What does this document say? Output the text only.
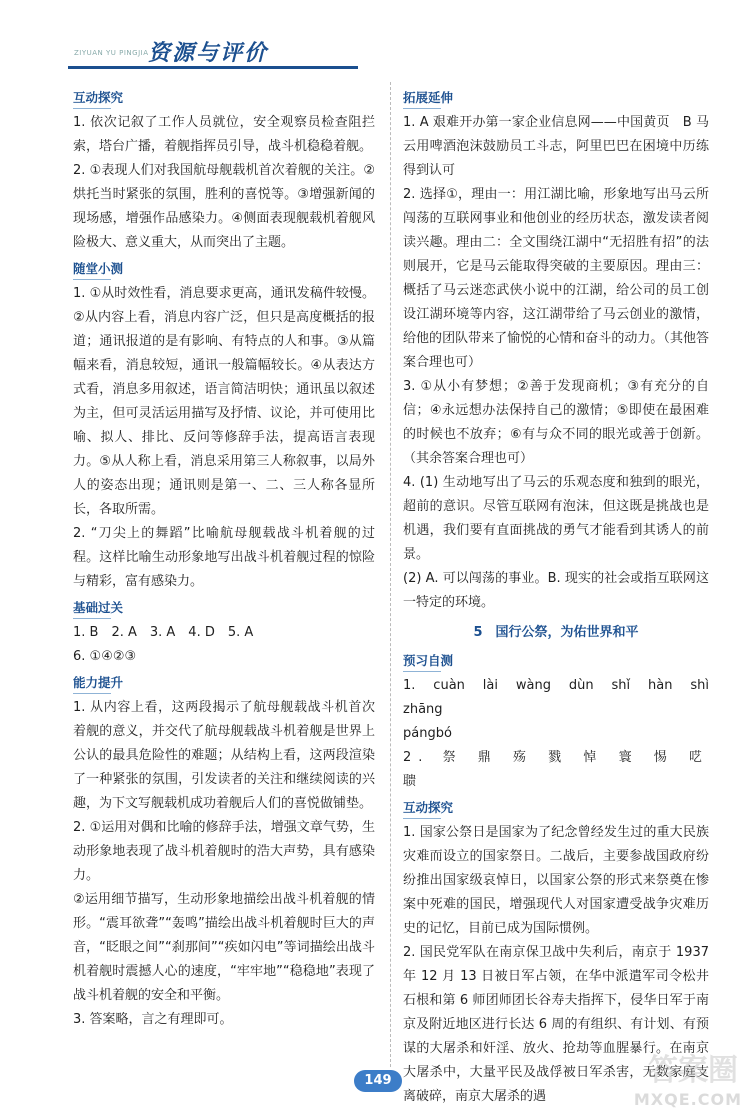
ZIYUAN YU PINGJIA 资源与评价
互动探究

1. 依次记叙了工作人员就位，安全观察员检查阻拦索，塔台广播，着舰指挥员引导，战斗机稳稳着舰。

2. ①表现人们对我国航母舰载机首次着舰的关注。②烘托当时紧张的氛围，胜利的喜悦等。③增强新闻的现场感，增强作品感染力。④侧面表现舰载机着舰风险极大、意义重大，从而突出了主题。

随堂小测

1. ①从时效性看，消息要求更高，通讯发稿件较慢。②从内容上看，消息内容广泛，但只是高度概括的报道；通讯报道的是有影响、有特点的人和事。③从篇幅来看，消息较短，通讯一般篇幅较长。④从表达方式看，消息多用叙述，语言简洁明快；通讯虽以叙述为主，但可灵活运用描写及抒情、议论，并可使用比喻、拟人、排比、反问等修辞手法，提高语言表现力。⑤从人称上看，消息采用第三人称叙事，以局外人的姿态出现；通讯则是第一、二、三人称各显所长，各取所需。

2. “刀尖上的舞蹈”比喻航母舰载战斗机着舰的过程。这样比喻生动形象地写出战斗机着舰过程的惊险与精彩，富有感染力。

基础过关

1. B　2. A　3. A　4. D　5. A

6. ①④②③

能力提升

1. 从内容上看，这两段揭示了航母舰载战斗机首次着舰的意义，并交代了航母舰载战斗机着舰是世界上公认的最具危险性的难题；从结构上看，这两段渲染了一种紧张的氛围，引发读者的关注和继续阅读的兴趣，为下文写舰载机成功着舰后人们的喜悦做铺垫。

2. ①运用对偶和比喻的修辞手法，增强文章气势，生动形象地表现了战斗机着舰时的浩大声势，具有感染力。

②运用细节描写，生动形象地描绘出战斗机着舰的情形。“震耳欲聋”“轰鸣”描绘出战斗机着舰时巨大的声音，“眨眼之间”“刹那间”“疾如闪电”等词描绘出战斗机着舰时震撼人心的速度，“牢牢地”“稳稳地”表现了战斗机着舰的安全和平衡。

3. 答案略，言之有理即可。

拓展延伸

1. A 艰难开办第一家企业信息网——中国黄页　B 马云用啤酒泡沫鼓励员工斗志，阿里巴巴在困境中历练得到认可

2. 选择①，理由一：用江湖比喻，形象地写出马云所闯荡的互联网事业和他创业的经历状态，激发读者阅读兴趣。理由二：全文围绕江湖中“无招胜有招”的法则展开，它是马云能取得突破的主要原因。理由三：概括了马云迷恋武侠小说中的江湖，给公司的员工创设江湖环境等内容，这江湖带给了马云创业的激情，给他的团队带来了愉悦的心情和奋斗的动力。（其他答案合理也可）

3. ①从小有梦想；②善于发现商机；③有充分的自信；④永远想办法保持自己的激情；⑤即使在最困难的时候也不放弃；⑥有与众不同的眼光或善于创新。（其余答案合理也可）

4. (1) 生动地写出了马云的乐观态度和独到的眼光，超前的意识。尽管互联网有泡沫，但这既是挑战也是机遇，我们要有直面挑战的勇气才能看到其诱人的前景。

(2) A. 可以闯荡的事业。B. 现实的社会或指互联网这一特定的环境。

5　国行公祭，为佑世界和平
预习自测

1. cuàn lài wàng dùn shǐ hàn shì zhāng

pángbó

2. 祭 鼎 殇 戮 悼 寰 惕 呓 聩

互动探究

1. 国家公祭日是国家为了纪念曾经发生过的重大民族灾难而设立的国家祭日。二战后，主要参战国政府纷纷推出国家级哀悼日，以国家公祭的形式来祭奠在惨案中死难的国民，增强现代人对国家遭受战争灾难历史的记忆，目前已成为国际惯例。

2. 国民党军队在南京保卫战中失利后，南京于 1937 年 12 月 13 日被日军占领，在华中派遣军司令松井石根和第 6 师团师团长谷寿夫指挥下，侵华日军于南京及附近地区进行长达 6 周的有组织、有计划、有预谋的大屠杀和奸淫、放火、抢劫等血腥暴行。在南京大屠杀中，大量平民及战俘被日军杀害，无数家庭支离破碎，南京大屠杀的遇

149	答案圈
MXQE.COM
